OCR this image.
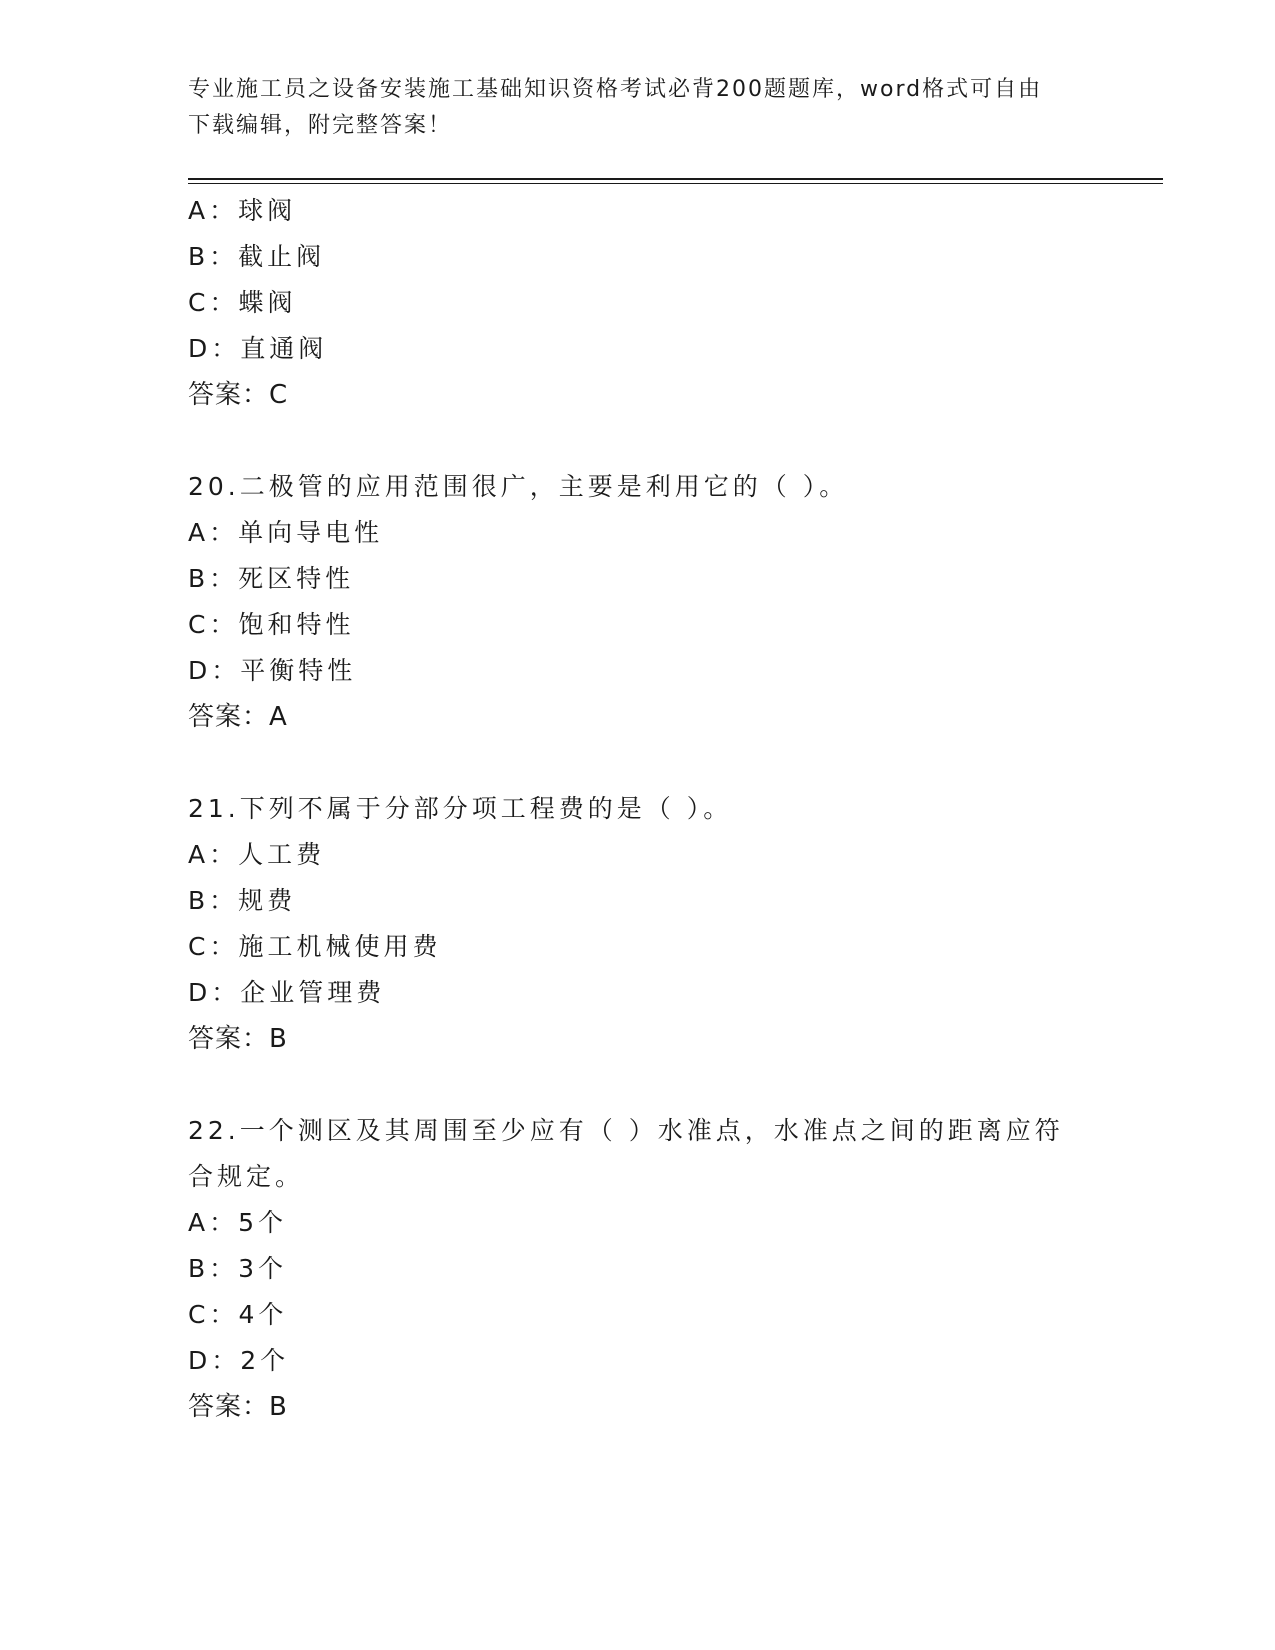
专业施工员之设备安装施工基础知识资格考试必背200题题库，word格式可自由
下载编辑，附完整答案！
A：球阀
B：截止阀
C：蝶阀
D：直通阀
答案：C
20.二极管的应用范围很广，主要是利用它的（ ）。
A：单向导电性
B：死区特性
C：饱和特性
D：平衡特性
答案：A
21.下列不属于分部分项工程费的是（ ）。
A：人工费
B：规费
C：施工机械使用费
D：企业管理费
答案：B
22.一个测区及其周围至少应有（ ）水准点，水准点之间的距离应符
合规定。
A：5个
B：3个
C：4个
D：2个
答案：B
